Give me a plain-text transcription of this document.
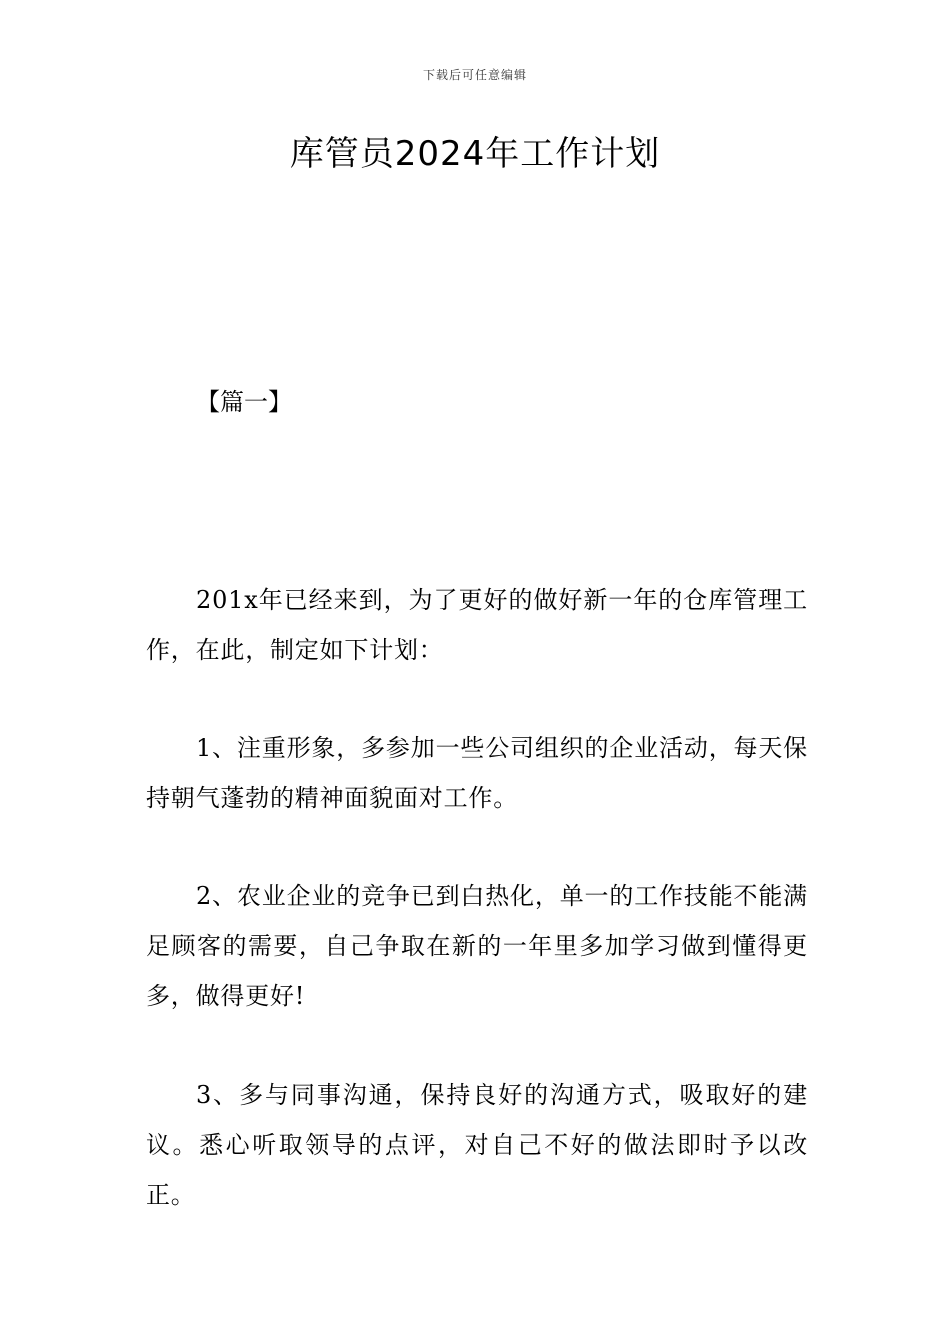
下载后可任意编辑
库管员2024年工作计划
【篇一】

201x年已经来到，为了更好的做好新一年的仓库管理工作，在此，制定如下计划：

1、注重形象，多参加一些公司组织的企业活动，每天保持朝气蓬勃的精神面貌面对工作。

2、农业企业的竞争已到白热化，单一的工作技能不能满足顾客的需要，自己争取在新的一年里多加学习做到懂得更多，做得更好!

3、多与同事沟通，保持良好的沟通方式，吸取好的建议。悉心听取领导的点评，对自己不好的做法即时予以改正。
